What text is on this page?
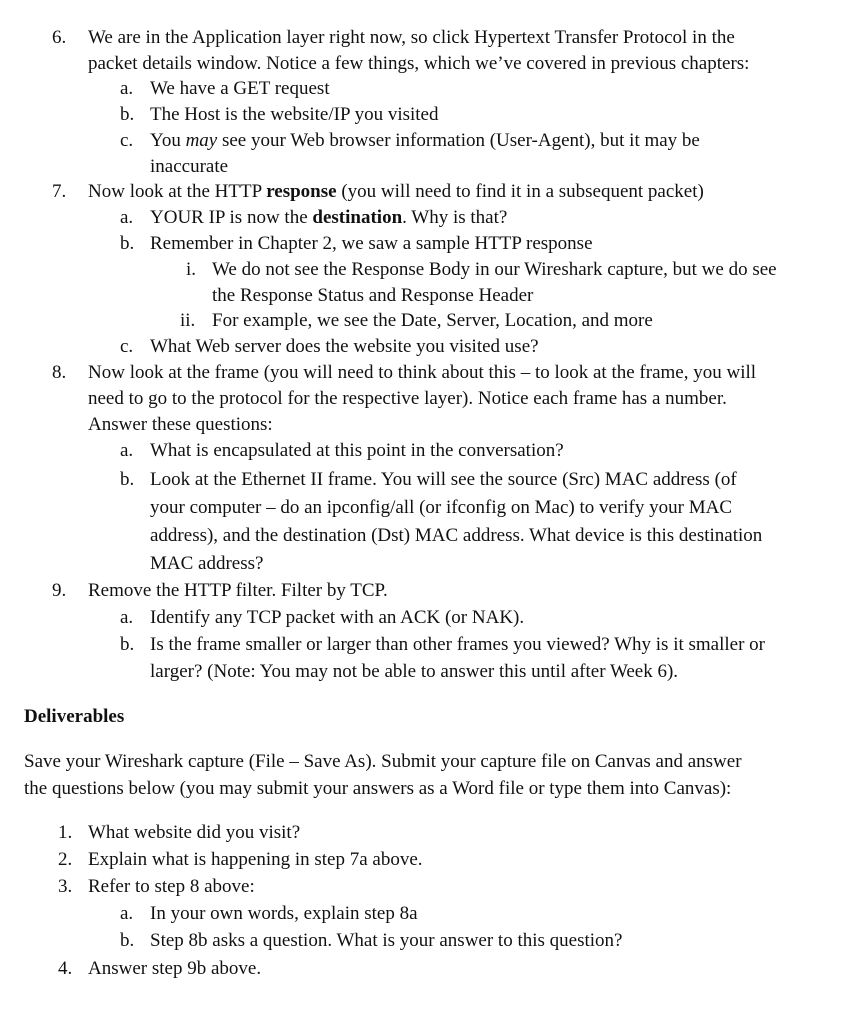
6. We are in the Application layer right now, so click Hypertext Transfer Protocol in the
packet details window. Notice a few things, which we’ve covered in previous chapters:
a. We have a GET request
b. The Host is the website/IP you visited
c. You may see your Web browser information (User-Agent), but it may be
inaccurate
7. Now look at the HTTP response (you will need to find it in a subsequent packet)
a. YOUR IP is now the destination. Why is that?
b. Remember in Chapter 2, we saw a sample HTTP response
i. We do not see the Response Body in our Wireshark capture, but we do see
the Response Status and Response Header
ii. For example, we see the Date, Server, Location, and more
c. What Web server does the website you visited use?
8. Now look at the frame (you will need to think about this – to look at the frame, you will
need to go to the protocol for the respective layer). Notice each frame has a number.
Answer these questions:
a. What is encapsulated at this point in the conversation?
b. Look at the Ethernet II frame. You will see the source (Src) MAC address (of
your computer – do an ipconfig/all (or ifconfig on Mac) to verify your MAC
address), and the destination (Dst) MAC address. What device is this destination
MAC address?
9. Remove the HTTP filter. Filter by TCP.
a. Identify any TCP packet with an ACK (or NAK).
b. Is the frame smaller or larger than other frames you viewed? Why is it smaller or
larger? (Note: You may not be able to answer this until after Week 6).
Deliverables
Save your Wireshark capture (File – Save As). Submit your capture file on Canvas and answer
the questions below (you may submit your answers as a Word file or type them into Canvas):
1. What website did you visit?
2. Explain what is happening in step 7a above.
3. Refer to step 8 above:
a. In your own words, explain step 8a
b. Step 8b asks a question. What is your answer to this question?
4. Answer step 9b above.
